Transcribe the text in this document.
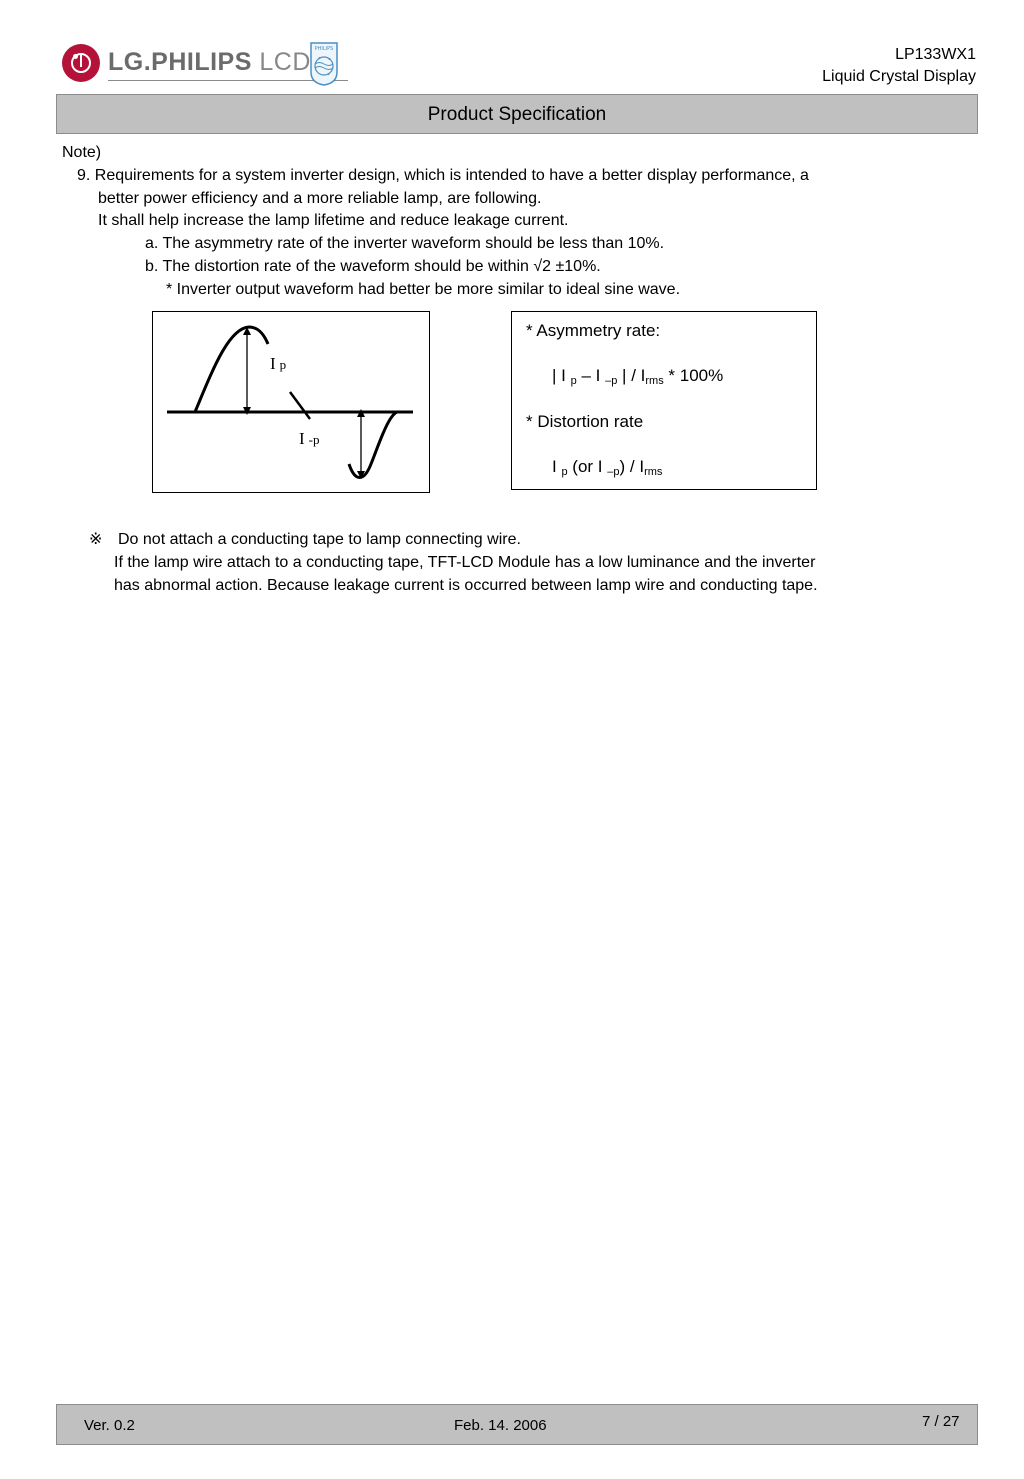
LG.PHILIPS LCD PHILIPS	LP133WX1
Liquid Crystal Display
Product Specification
Note)
9. Requirements for a system inverter design, which is intended to have a better display performance, a
better power efficiency and a more reliable lamp, are following.
It shall help increase the lamp lifetime and reduce leakage current.
a. The asymmetry rate of the inverter waveform should be less than 10%.
b. The distortion rate of the waveform should be within √2 ±10%.
* Inverter output waveform had better be more similar to ideal sine wave.
I p
I -p
* Asymmetry rate:
| I $_p$ – I $_{-p}$ | / $I_{rms} * 100\%$
* Distortion rate
I $_p$ (or I $_{-p}) / I_{rms}$
※ Do not attach a conducting tape to lamp connecting wire.
If the lamp wire attach to a conducting tape, TFT-LCD Module has a low luminance and the inverter
has abnormal action. Because leakage current is occurred between lamp wire and conducting tape.
Ver. 0.2	Feb. 14. 2006	7 / 27
